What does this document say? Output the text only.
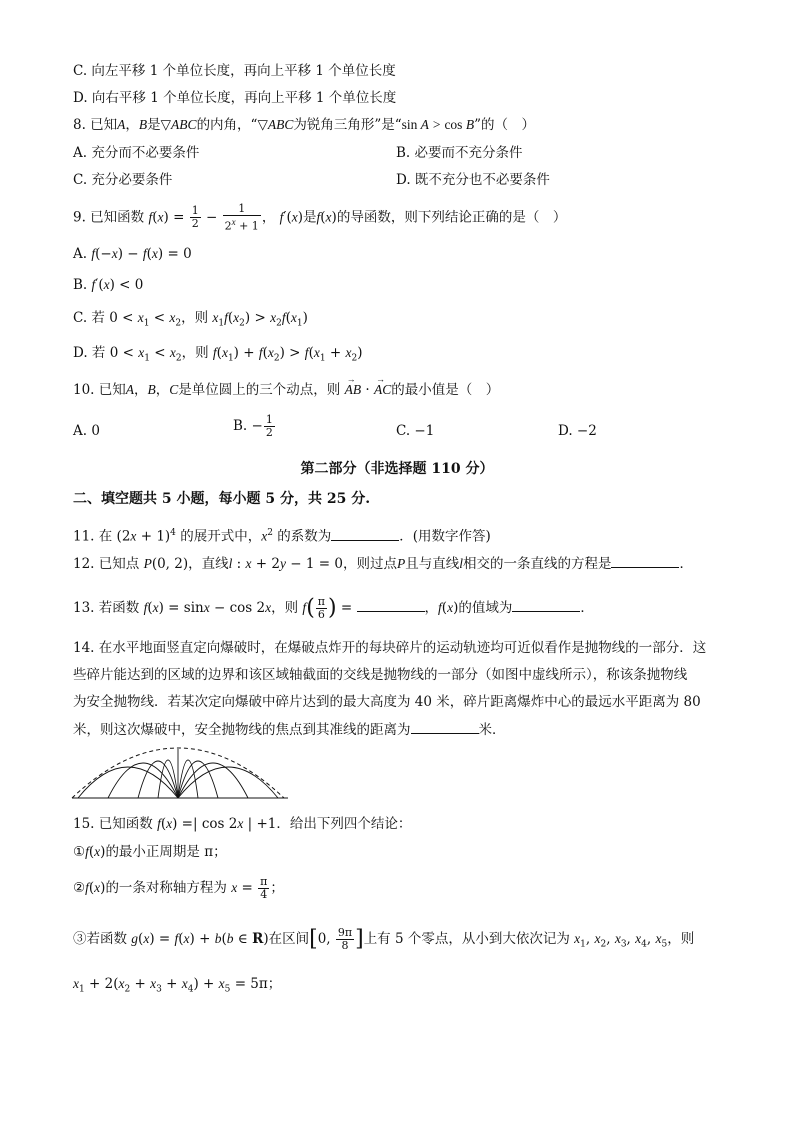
C. 向左平移 1 个单位长度，再向上平移 1 个单位长度
D. 向右平移 1 个单位长度，再向上平移 1 个单位长度
8. 已知A，B是▽ABC的内角，“▽ABC为锐角三角形”是“sin A > cos B”的（　）
A. 充分而不必要条件	B. 必要而不充分条件
C. 充分必要条件	D. 既不充分也不必要条件
9. 已知函数 $f(x) = \frac{1}{2} - \frac{1}{2^x + 1}$ ， f′(x)是f(x)的导函数，则下列结论正确的是（　）
A. f(−x) − f(x) = 0
B. f′(x) < 0
C. 若 $0 < x_1 < x_2$，则 $x_1f(x_2) > x_2f(x_1)$
D. 若 $0 < x_1 < x_2$，则 $f(x_1) + f(x_2) > f(x_1 + x_2)$
10. 已知A，B，C是单位圆上的三个动点，则 → AB · → AC的最小值是（　）
A. 0	B. − $\frac{1}{2}$	C. −1	D. −2
第二部分（非选择题 110 分）
二、填空题共 5 小题，每小题 5 分，共 25 分.
11. 在 $(2x + 1)^4$ 的展开式中，$x^2$ 的系数为	．(用数字作答)
12. 已知点 P(0, 2)，直线l : x + 2y − 1 = 0，则过点P且与直线l相交的一条直线的方程是	．
13. 若函数 f(x) = sinx − cos 2x，则 $f( \frac{\pi}{6}$ ) =	，f(x)的值域为	．
14. 在水平地面竖直定向爆破时，在爆破点炸开的每块碎片的运动轨迹均可近似看作是抛物线的一部分．这
些碎片能达到的区域的边界和该区域轴截面的交线是抛物线的一部分（如图中虚线所示），称该条抛物线
为安全抛物线．若某次定向爆破中碎片达到的最大高度为 40 米，碎片距离爆炸中心的最远水平距离为 80
米，则这次爆破中，安全抛物线的焦点到其准线的距离为	米．
15. 已知函数 f(x) =| cos 2x | +1．给出下列四个结论：
①f(x)的最小正周期是 π；
②f(x)的一条对称轴方程为 $x = \frac{\pi}{4}$ ；
③若函数 g(x) = f(x) + b(b ∈ R)在区间[0, $\frac{9\pi}{8}$ ]上有 5 个零点，从小到大依次记为 $x_1$, $x_2$, $x_3$, $x_4$, $x_5$，则
$x_1 + 2(x_2 + x_3 + x_4) + x_5 = 5\pi$；
